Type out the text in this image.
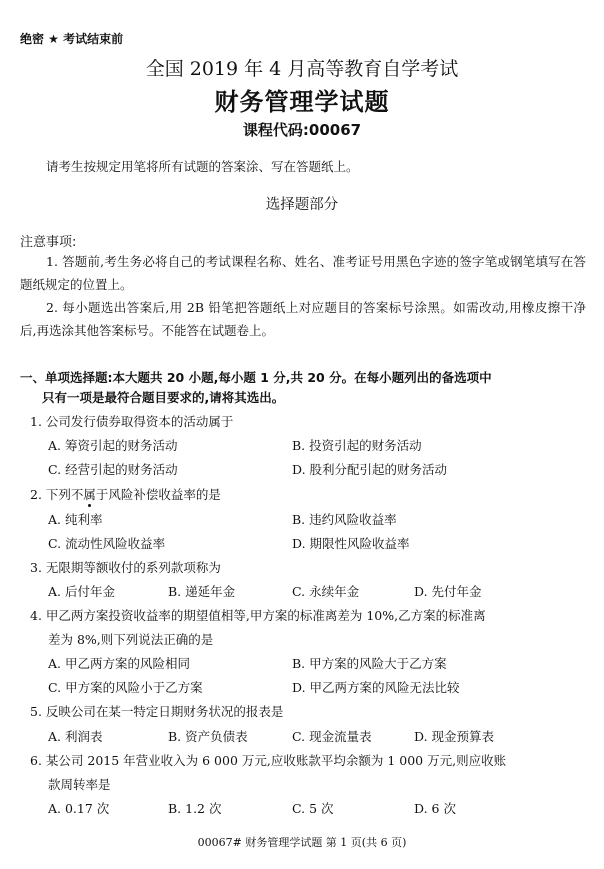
绝密 ★ 考试结束前
全国 2019 年 4 月高等教育自学考试
财务管理学试题
课程代码:00067
请考生按规定用笔将所有试题的答案涂、写在答题纸上。
选择题部分
注意事项:

1. 答题前,考生务必将自己的考试课程名称、姓名、准考证号用黑色字迹的签字笔或钢笔填写在答题纸规定的位置上。

2. 每小题选出答案后,用 2B 铅笔把答题纸上对应题目的答案标号涂黑。如需改动,用橡皮擦干净后,再选涂其他答案标号。不能答在试题卷上。

一、单项选择题:本大题共 20 小题,每小题 1 分,共 20 分。在每小题列出的备选项中
只有一项是最符合题目要求的,请将其选出。
1. 公司发行债券取得资本的活动属于
A. 筹资引起的财务活动	B. 投资引起的财务活动
C. 经营引起的财务活动	D. 股利分配引起的财务活动
2. 下列不属于风险补偿收益率的是
A. 纯利率	B. 违约风险收益率
C. 流动性风险收益率	D. 期限性风险收益率
3. 无限期等额收付的系列款项称为
A. 后付年金	B. 递延年金	C. 永续年金	D. 先付年金
4. 甲乙两方案投资收益率的期望值相等,甲方案的标准离差为 10%,乙方案的标准离
差为 8%,则下列说法正确的是
A. 甲乙两方案的风险相同	B. 甲方案的风险大于乙方案
C. 甲方案的风险小于乙方案	D. 甲乙两方案的风险无法比较
5. 反映公司在某一特定日期财务状况的报表是
A. 利润表	B. 资产负债表	C. 现金流量表	D. 现金预算表
6. 某公司 2015 年营业收入为 6 000 万元,应收账款平均余额为 1 000 万元,则应收账
款周转率是
A. 0.17 次	B. 1.2 次	C. 5 次	D. 6 次
00067# 财务管理学试题 第 1 页(共 6 页)
